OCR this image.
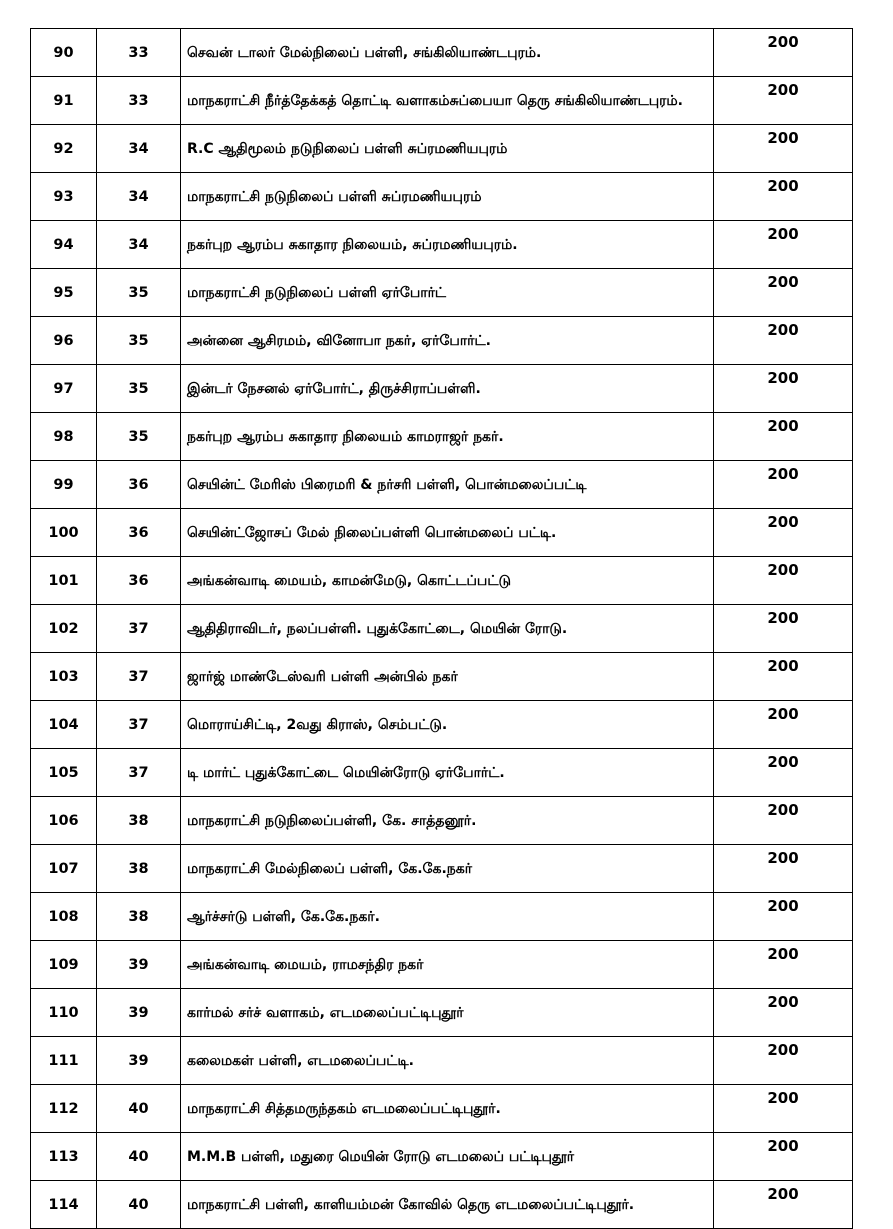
90	33	செவன் டாலர் மேல்நிலைப் பள்ளி, சங்கிலியாண்டபுரம்.	200
91	33	மாநகராட்சி நீர்த்தேக்கத் தொட்டி வளாகம்சுப்பையா தெரு சங்கிலியாண்டபுரம்.	200
92	34	R.C ஆதிமூலம் நடுநிலைப் பள்ளி சுப்ரமணியபுரம்	200
93	34	மாநகராட்சி நடுநிலைப் பள்ளி சுப்ரமணியபுரம்	200
94	34	நகர்புற ஆரம்ப சுகாதார நிலையம், சுப்ரமணியபுரம்.	200
95	35	மாநகராட்சி நடுநிலைப் பள்ளி ஏர்போர்ட்	200
96	35	அன்னை ஆசிரமம், வினோபா நகர், ஏர்போர்ட்.	200
97	35	இன்டர் நேசனல் ஏர்போர்ட், திருச்சிராப்பள்ளி.	200
98	35	நகர்புற ஆரம்ப சுகாதார நிலையம் காமராஜர் நகர்.	200
99	36	செயின்ட் மேரிஸ் பிரைமரி & நர்சரி பள்ளி, பொன்மலைப்பட்டி	200
100	36	செயின்ட்ஜோசப் மேல் நிலைப்பள்ளி பொன்மலைப் பட்டி.	200
101	36	அங்கன்வாடி மையம், காமன்மேடு, கொட்டப்பட்டு	200
102	37	ஆதிதிராவிடர், நலப்பள்ளி. புதுக்கோட்டை, மெயின் ரோடு.	200
103	37	ஜார்ஜ் மாண்டேஸ்வரி பள்ளி அன்பில் நகர்	200
104	37	மொராய்சிட்டி, 2வது கிராஸ், செம்பட்டு.	200
105	37	டி மார்ட் புதுக்கோட்டை மெயின்ரோடு ஏர்போர்ட்.	200
106	38	மாநகராட்சி நடுநிலைப்பள்ளி, கே. சாத்தனூர்.	200
107	38	மாநகராட்சி மேல்நிலைப் பள்ளி, கே.கே.நகர்	200
108	38	ஆர்ச்சர்டு பள்ளி, கே.கே.நகர்.	200
109	39	அங்கன்வாடி மையம், ராமசந்திர நகர்	200
110	39	கார்மல் சர்ச் வளாகம், எடமலைப்பட்டிபுதூர்	200
111	39	கலைமகள் பள்ளி, எடமலைப்பட்டி.	200
112	40	மாநகராட்சி சித்தமருந்தகம் எடமலைப்பட்டிபுதூர்.	200
113	40	M.M.B பள்ளி, மதுரை மெயின் ரோடு எடமலைப் பட்டிபுதூர்	200
114	40	மாநகராட்சி பள்ளி, காளியம்மன் கோவில் தெரு எடமலைப்பட்டிபுதூர்.	200
